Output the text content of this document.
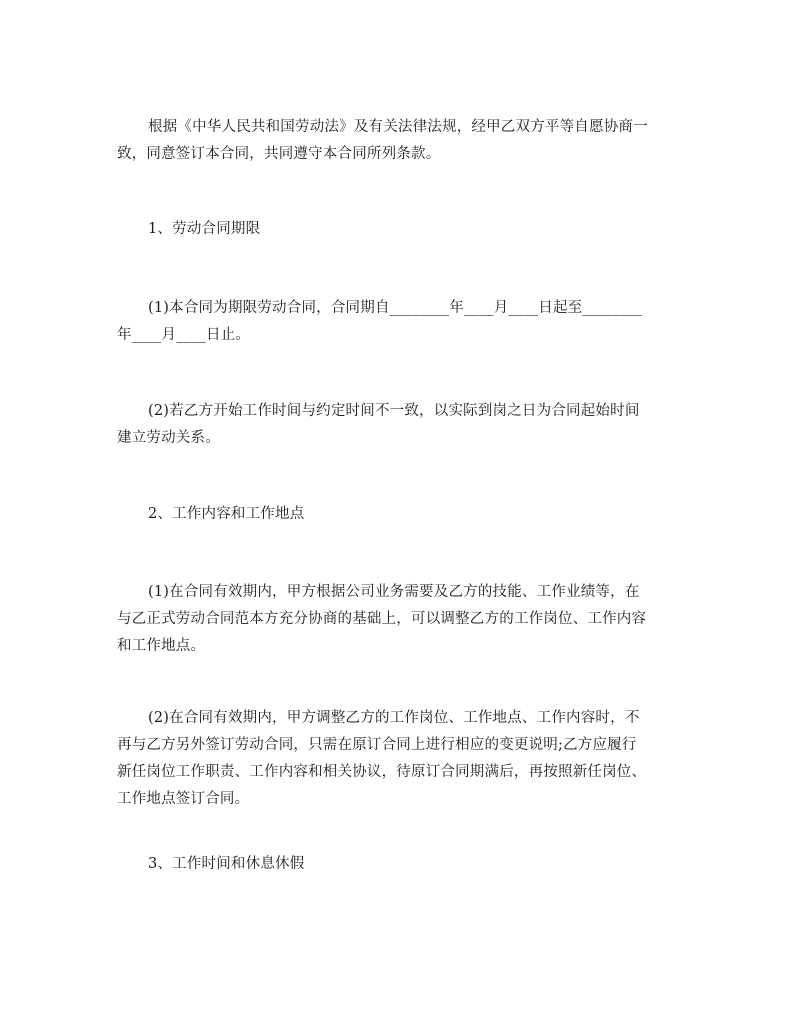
根据《中华人民共和国劳动法》及有关法律法规，经甲乙双方平等自愿协商一
致，同意签订本合同，共同遵守本合同所列条款。

1、劳动合同期限

(1)本合同为期限劳动合同，合同期自________年____月____日起至________
年____月____日止。

(2)若乙方开始工作时间与约定时间不一致，以实际到岗之日为合同起始时间
建立劳动关系。

2、工作内容和工作地点

(1)在合同有效期内，甲方根据公司业务需要及乙方的技能、工作业绩等，在
与乙正式劳动合同范本方充分协商的基础上，可以调整乙方的工作岗位、工作内容
和工作地点。

(2)在合同有效期内，甲方调整乙方的工作岗位、工作地点、工作内容时，不
再与乙方另外签订劳动合同，只需在原订合同上进行相应的变更说明;乙方应履行
新任岗位工作职责、工作内容和相关协议，待原订合同期满后，再按照新任岗位、
工作地点签订合同。

3、工作时间和休息休假
